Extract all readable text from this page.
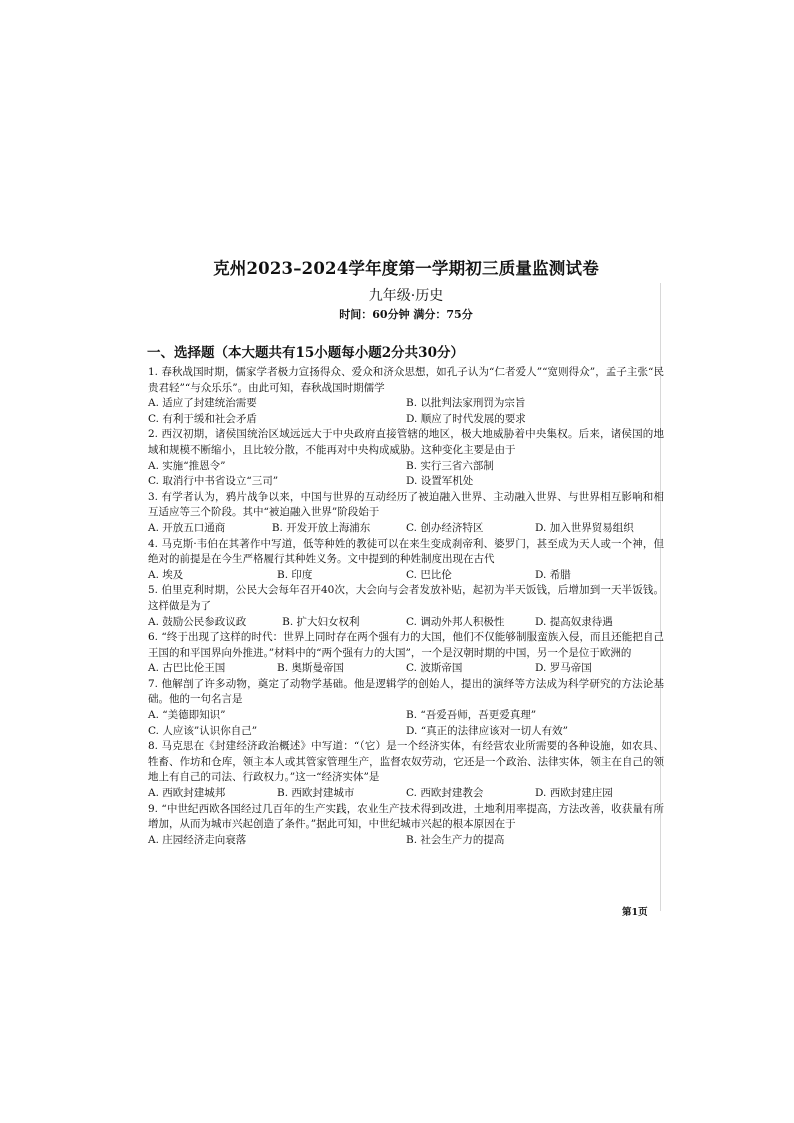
克州2023–2024学年度第一学期初三质量监测试卷
九年级·历史
时间：60分钟 满分：75分
一、选择题（本大题共有15小题每小题2分共30分）
1. 春秋战国时期，儒家学者极力宣扬得众、爱众和济众思想，如孔子认为“仁者爱人”“宽则得众”，孟子主张“民贵君轻”“与众乐乐”。由此可知，春秋战国时期儒学
A. 适应了封建统治需要	B. 以批判法家刑罚为宗旨
C. 有利于缓和社会矛盾	D. 顺应了时代发展的要求
2. 西汉初期，诸侯国统治区域远远大于中央政府直接管辖的地区，极大地威胁着中央集权。后来，诸侯国的地域和规模不断缩小，且比较分散，不能再对中央构成威胁。这种变化主要是由于
A. 实施“推恩令”	B. 实行三省六部制
C. 取消行中书省设立“三司”	D. 设置军机处
3. 有学者认为，鸦片战争以来，中国与世界的互动经历了被迫融入世界、主动融入世界、与世界相互影响和相互适应等三个阶段。其中“被迫融入世界”阶段始于
A. 开放五口通商	B. 开发开放上海浦东	C. 创办经济特区	D. 加入世界贸易组织
4. 马克斯·韦伯在其著作中写道，低等种姓的教徒可以在来生变成刹帝利、婆罗门，甚至成为天人或一个神，但绝对的前提是在今生严格履行其种姓义务。文中提到的种姓制度出现在古代
A. 埃及	B. 印度	C. 巴比伦	D. 希腊
5. 伯里克利时期，公民大会每年召开40次，大会向与会者发放补贴，起初为半天饭钱，后增加到一天半饭钱。这样做是为了
A. 鼓励公民参政议政	B. 扩大妇女权利	C. 调动外邦人积极性	D. 提高奴隶待遇
6. “终于出现了这样的时代：世界上同时存在两个强有力的大国，他们不仅能够制服蛮族入侵，而且还能把自己王国的和平国界向外推进。”材料中的“两个强有力的大国”，一个是汉朝时期的中国，另一个是位于欧洲的
A. 古巴比伦王国	B. 奥斯曼帝国	C. 波斯帝国	D. 罗马帝国
7. 他解剖了许多动物，奠定了动物学基础。他是逻辑学的创始人，提出的演绎等方法成为科学研究的方法论基础。他的一句名言是
A. “美德即知识”	B. “吾爱吾师，吾更爱真理”
C. 人应该”认识你自己”	D. “真正的法律应该对一切人有效”
8. 马克思在《封建经济政治概述》中写道：“（它）是一个经济实体，有经营农业所需要的各种设施，如农具、牲畜、作坊和仓库，领主本人或其管家管理生产，监督农奴劳动，它还是一个政治、法律实体，领主在自己的领地上有自己的司法、行政权力。”这一“经济实体”是
A. 西欧封建城邦	B. 西欧封建城市	C. 西欧封建教会	D. 西欧封建庄园
9. “中世纪西欧各国经过几百年的生产实践，农业生产技术得到改进，土地利用率提高，方法改善，收获量有所增加，从而为城市兴起创造了条件。”据此可知，中世纪城市兴起的根本原因在于
A. 庄园经济走向衰落	B. 社会生产力的提高
第1页
